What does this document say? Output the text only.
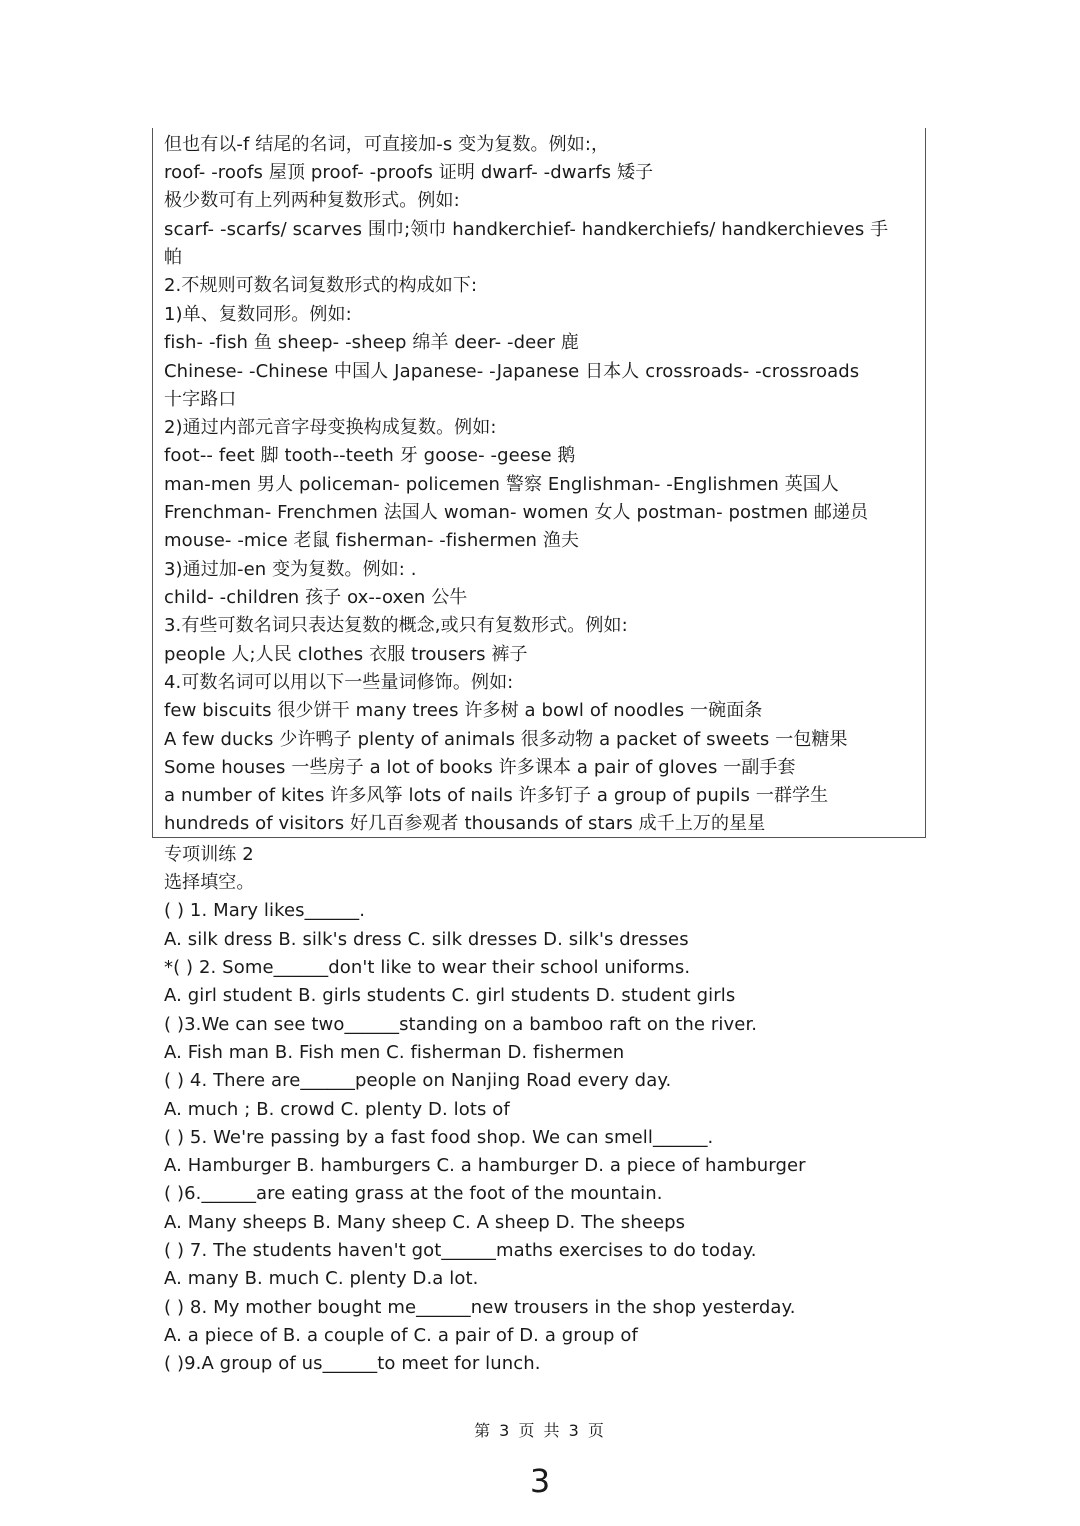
但也有以-f 结尾的名词，可直接加-s 变为复数。例如:，
roof- -roofs 屋顶 proof- -proofs 证明 dwarf- -dwarfs 矮子
极少数可有上列两种复数形式。例如:
scarf- -scarfs/ scarves 围巾;领巾 handkerchief- handkerchiefs/ handkerchieves 手
帕
2.不规则可数名词复数形式的构成如下:
1)单、复数同形。例如:
fish- -fish 鱼 sheep- -sheep 绵羊 deer- -deer 鹿
Chinese- -Chinese 中国人 Japanese- -Japanese 日本人 crossroads- -crossroads
十字路口
2)通过内部元音字母变换构成复数。例如:
foot-- feet 脚 tooth--teeth 牙 goose- -geese 鹅
man-men 男人 policeman- policemen 警察 Englishman- -Englishmen 英国人
Frenchman- Frenchmen 法国人 woman- women 女人 postman- postmen 邮递员
mouse- -mice 老鼠 fisherman- -fishermen 渔夫
3)通过加-en 变为复数。例如: .
child- -children 孩子 ox--oxen 公牛
3.有些可数名词只表达复数的概念,或只有复数形式。例如:
people 人;人民 clothes 衣服 trousers 裤子
4.可数名词可以用以下一些量词修饰。例如:
few biscuits 很少饼干 many trees 许多树 a bowl of noodles 一碗面条
A few ducks 少许鸭子 plenty of animals 很多动物 a packet of sweets 一包糖果
Some houses 一些房子 a lot of books 许多课本 a pair of gloves 一副手套
a number of kites 许多风筝 lots of nails 许多钉子 a group of pupils 一群学生
hundreds of visitors 好几百参观者 thousands of stars 成千上万的星星
专项训练 2
选择填空。
( ) 1. Mary likes______.
A. silk dress B. silk's dress C. silk dresses D. silk's dresses
*( ) 2. Some______don't like to wear their school uniforms.
A. girl student B. girls students C. girl students D. student girls
( )3.We can see two______standing on a bamboo raft on the river.
A. Fish man B. Fish men C. fisherman D. fishermen
( ) 4. There are______people on Nanjing Road every day.
A. much ; B. crowd C. plenty D. lots of
( ) 5. We're passing by a fast food shop. We can smell______.
A. Hamburger B. hamburgers C. a hamburger D. a piece of hamburger
( )6.______are eating grass at the foot of the mountain.
A. Many sheeps B. Many sheep C. A sheep D. The sheeps
( ) 7. The students haven't got______maths exercises to do today.
A. many B. much C. plenty D.a lot.
( ) 8. My mother bought me______new trousers in the shop yesterday.
A. a piece of B. a couple of C. a pair of D. a group of
( )9.A group of us______to meet for lunch.
第 3 页 共 3 页
3
